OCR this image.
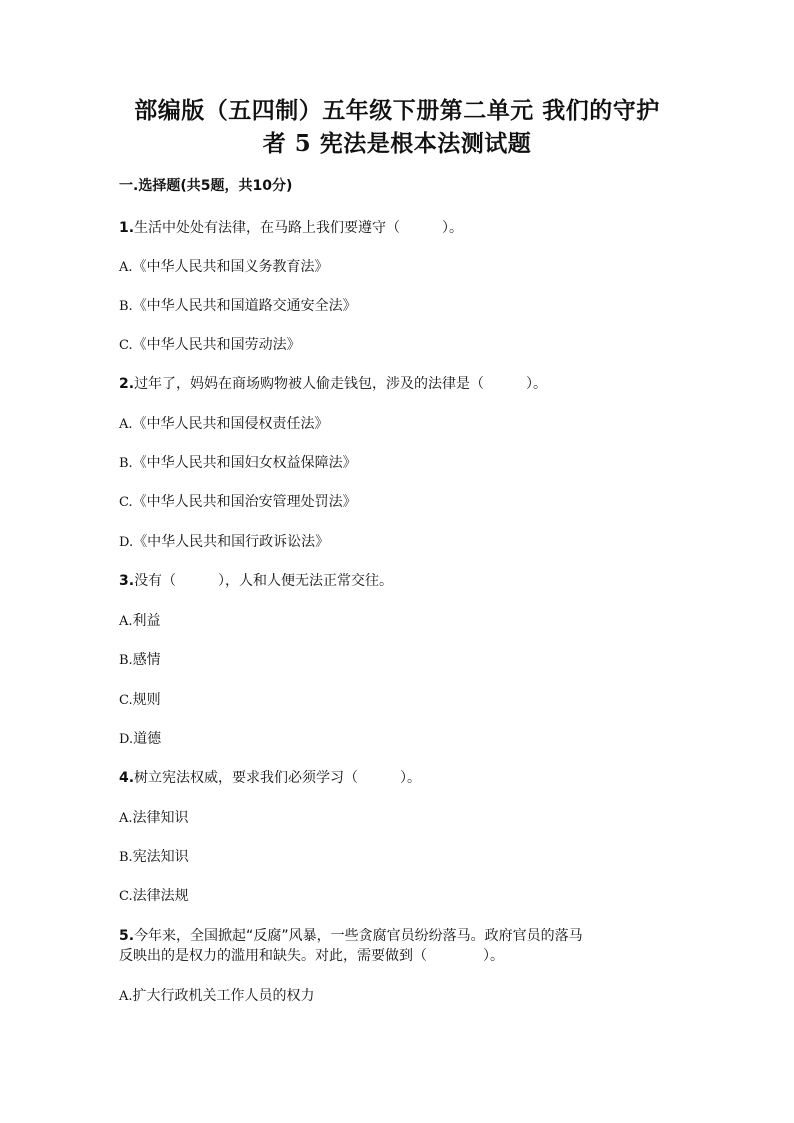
部编版（五四制）五年级下册第二单元 我们的守护
者 5 宪法是根本法测试题
一.选择题(共5题，共10分)
1.生活中处处有法律，在马路上我们要遵守（　　　）。
A.《中华人民共和国义务教育法》
B.《中华人民共和国道路交通安全法》
C.《中华人民共和国劳动法》
2.过年了，妈妈在商场购物被人偷走钱包，涉及的法律是（　　　）。
A.《中华人民共和国侵权责任法》
B.《中华人民共和国妇女权益保障法》
C.《中华人民共和国治安管理处罚法》
D.《中华人民共和国行政诉讼法》
3.没有（　　　），人和人便无法正常交往。
A.利益
B.感情
C.规则
D.道德
4.树立宪法权威，要求我们必须学习（　　　）。
A.法律知识
B.宪法知识
C.法律法规
5.今年来，全国掀起“反腐”风暴，一些贪腐官员纷纷落马。政府官员的落马
反映出的是权力的滥用和缺失。对此，需要做到（　　　　）。
A.扩大行政机关工作人员的权力
